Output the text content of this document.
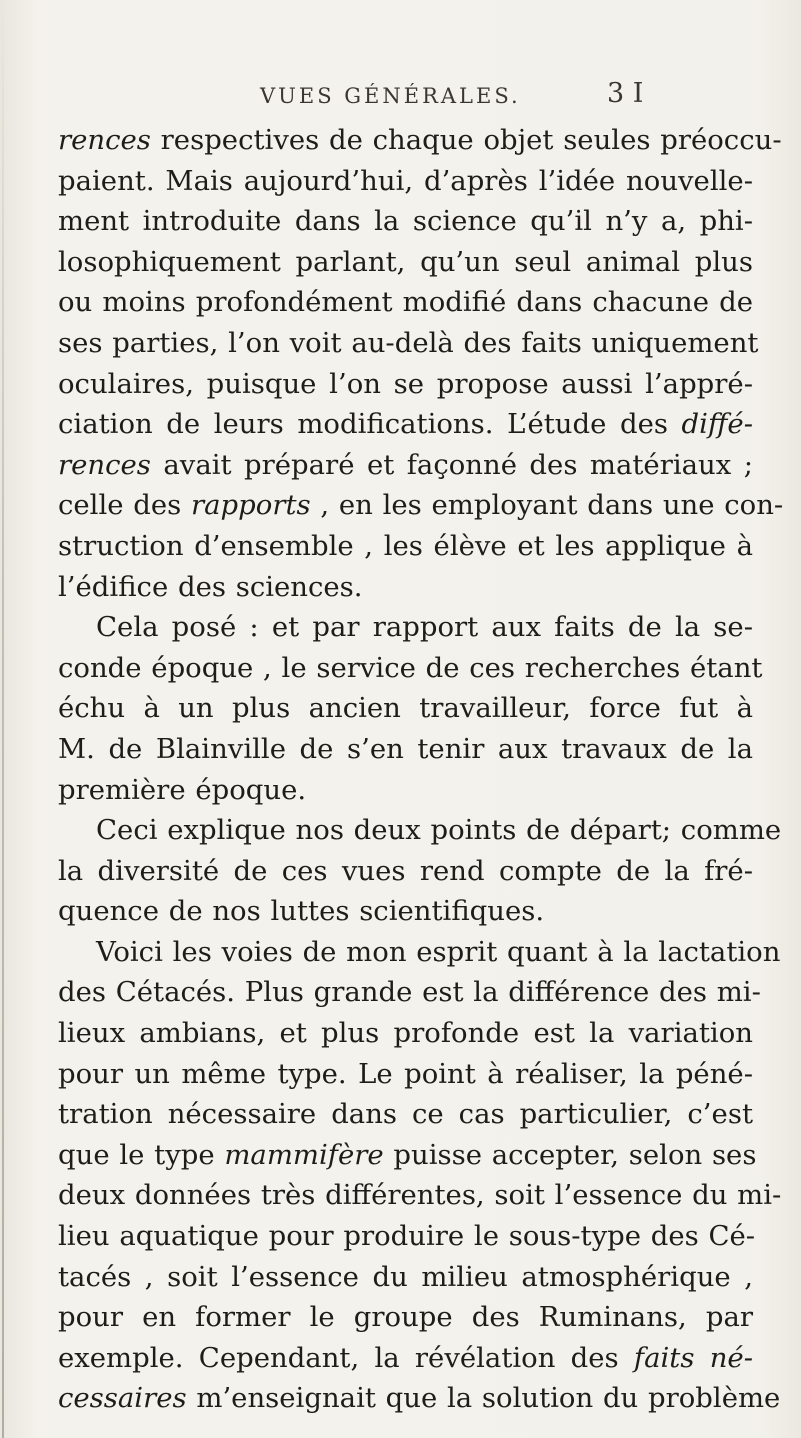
VUES GÉNÉRALES.	3 I
rences respectives de chaque objet seules préoccu-
paient. Mais aujourd’hui, d’après l’idée nouvelle-
ment introduite dans la science qu’il n’y a, phi-
losophiquement parlant, qu’un seul animal plus
ou moins profondément modifié dans chacune de
ses parties, l’on voit au-delà des faits uniquement
oculaires, puisque l’on se propose aussi l’appré-
ciation de leurs modifications. L’étude des diffé-
rences avait préparé et façonné des matériaux ;
celle des rapports , en les employant dans une con-
struction d’ensemble , les élève et les applique à
l’édifice des sciences.
Cela posé : et par rapport aux faits de la se-
conde époque , le service de ces recherches étant
échu à un plus ancien travailleur, force fut à
M. de Blainville de s’en tenir aux travaux de la
première époque.
Ceci explique nos deux points de départ; comme
la diversité de ces vues rend compte de la fré-
quence de nos luttes scientifiques.
Voici les voies de mon esprit quant à la lactation
des Cétacés. Plus grande est la différence des mi-
lieux ambians, et plus profonde est la variation
pour un même type. Le point à réaliser, la péné-
tration nécessaire dans ce cas particulier, c’est
que le type mammifère puisse accepter, selon ses
deux données très différentes, soit l’essence du mi-
lieu aquatique pour produire le sous-type des Cé-
tacés , soit l’essence du milieu atmosphérique ,
pour en former le groupe des Ruminans, par
exemple. Cependant, la révélation des faits né-
cessaires m’enseignait que la solution du problème
